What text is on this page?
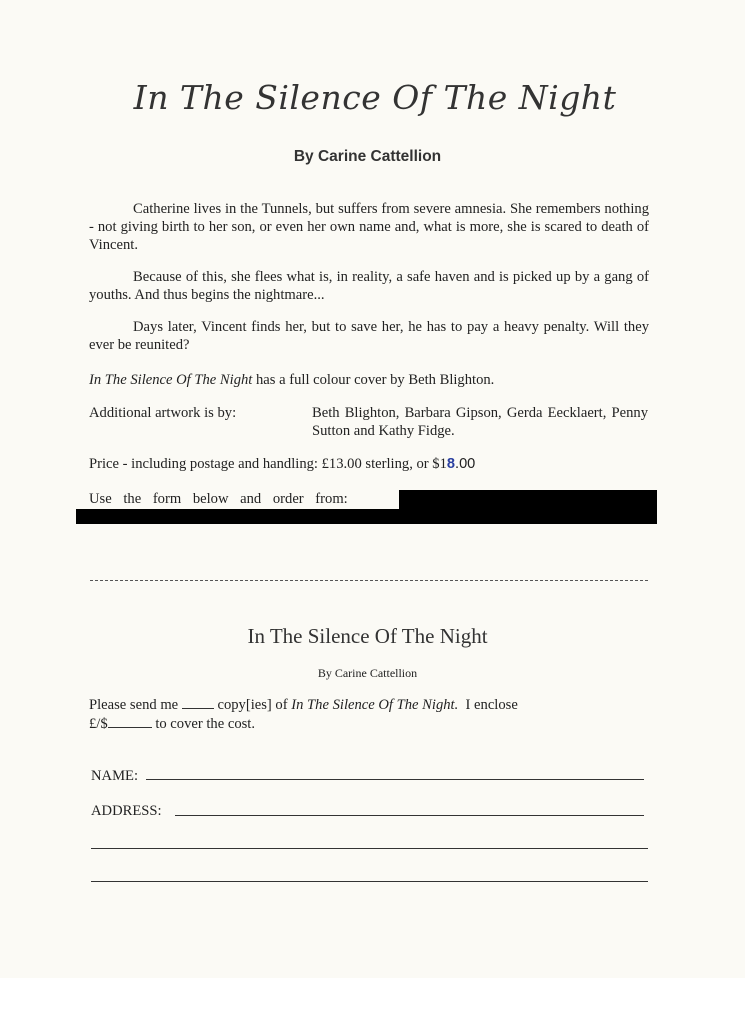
In The Silence Of The Night
By Carine Cattellion

Catherine lives in the Tunnels, but suffers from severe amnesia. She remembers nothing - not giving birth to her son, or even her own name and, what is more, she is scared to death of Vincent.

Because of this, she flees what is, in reality, a safe haven and is picked up by a gang of youths. And thus begins the nightmare...

Days later, Vincent finds her, but to save her, he has to pay a heavy penalty. Will they ever be reunited?

In The Silence Of The Night has a full colour cover by Beth Blighton.

Additional artwork is by:	Beth Blighton, Barbara Gipson, Gerda Eecklaert, Penny Sutton and Kathy Fidge.
Price - including postage and handling: £13.00 sterling, or $18.00
Use the form below and order from:
In The Silence Of The Night
By Carine Cattellion

Please send me	copy[ies] of In The Silence Of The Night. I enclose
£/$	to cover the cost.

NAME:
ADDRESS:
